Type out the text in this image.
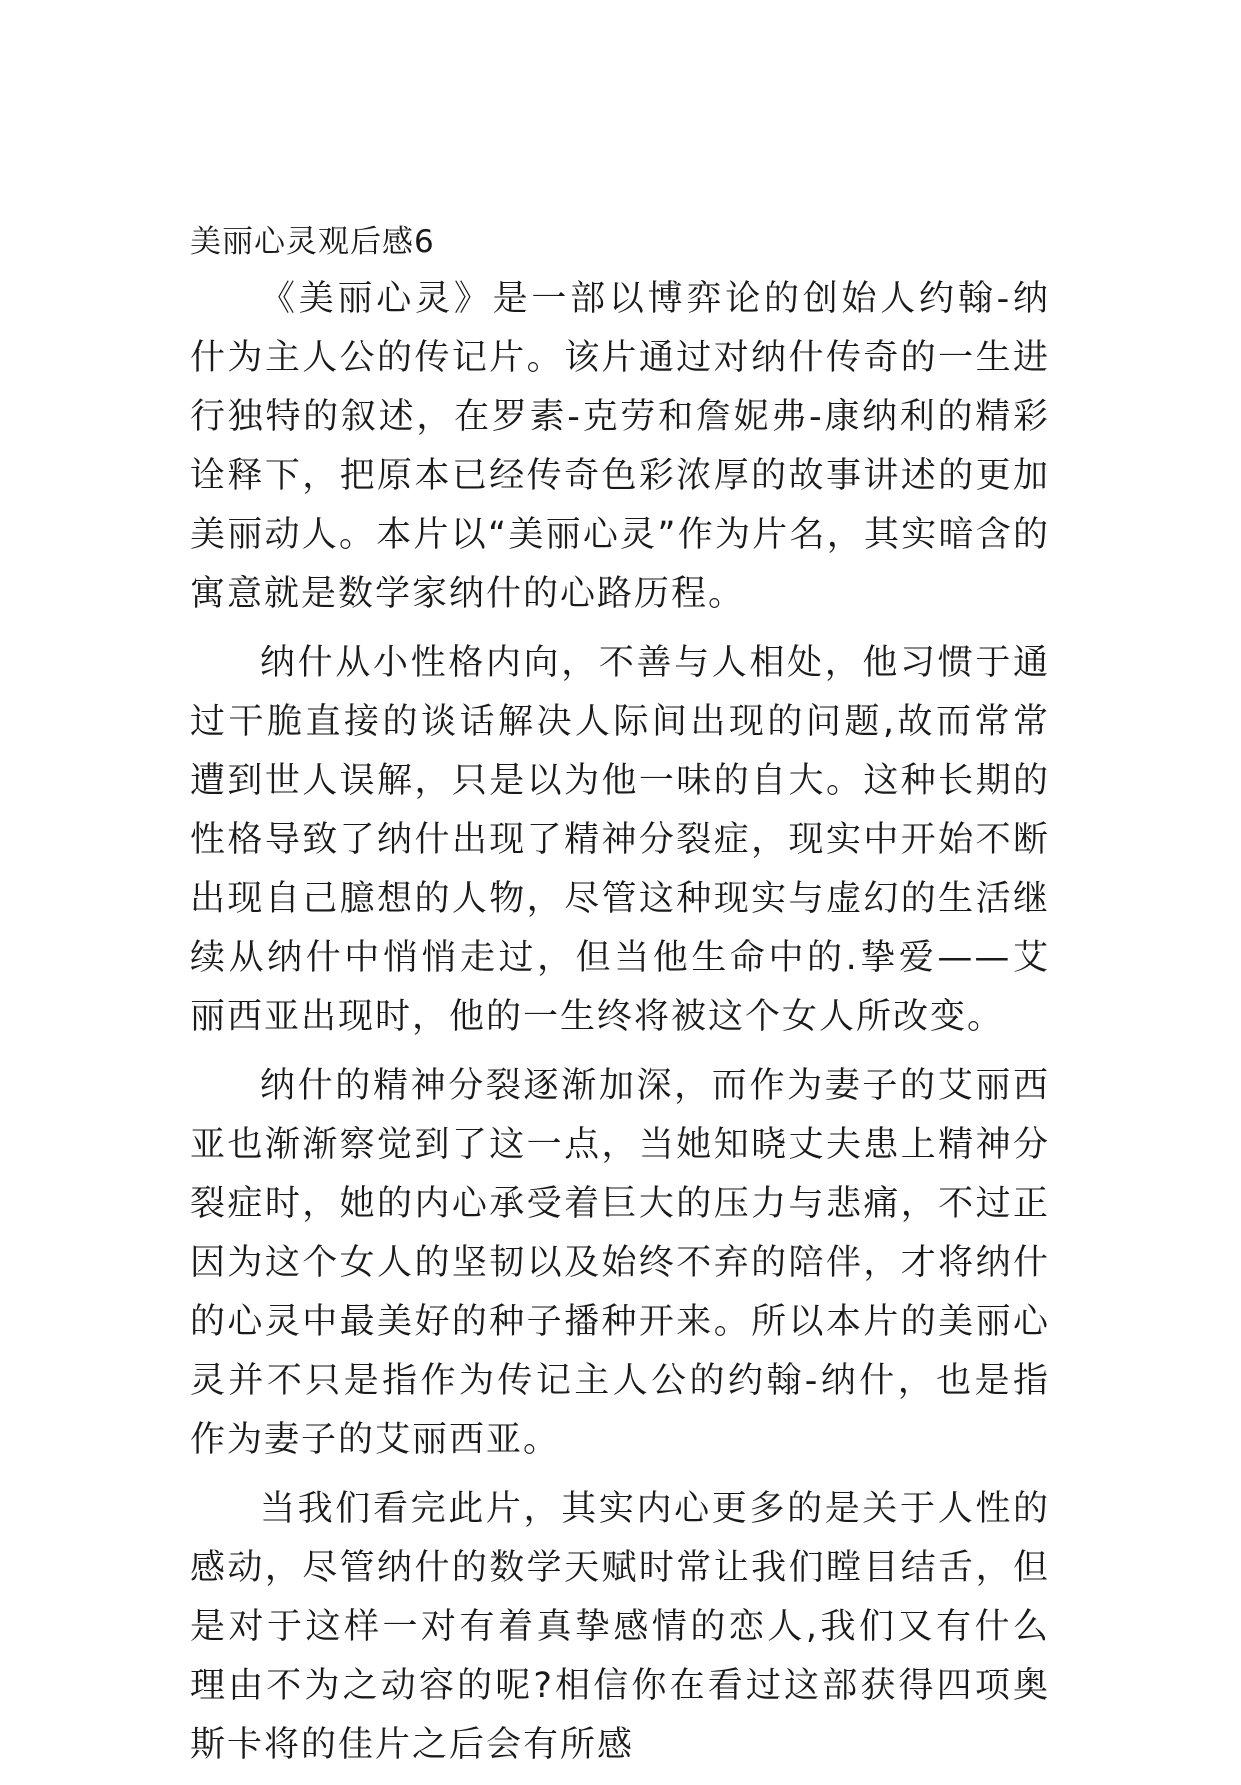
美丽心灵观后感6

《美丽心灵》是一部以博弈论的创始人约翰-纳什为主人公的传记片。该片通过对纳什传奇的一生进行独特的叙述，在罗素-克劳和詹妮弗-康纳利的精彩诠释下，把原本已经传奇色彩浓厚的故事讲述的更加美丽动人。本片以“美丽心灵”作为片名，其实暗含的寓意就是数学家纳什的心路历程。

纳什从小性格内向，不善与人相处，他习惯于通过干脆直接的谈话解决人际间出现的问题,故而常常遭到世人误解，只是以为他一味的自大。这种长期的性格导致了纳什出现了精神分裂症，现实中开始不断出现自己臆想的人物，尽管这种现实与虚幻的生活继续从纳什中悄悄走过，但当他生命中的.挚爱——艾丽西亚出现时，他的一生终将被这个女人所改变。

纳什的精神分裂逐渐加深，而作为妻子的艾丽西亚也渐渐察觉到了这一点，当她知晓丈夫患上精神分裂症时，她的内心承受着巨大的压力与悲痛，不过正因为这个女人的坚韧以及始终不弃的陪伴，才将纳什的心灵中最美好的种子播种开来。所以本片的美丽心灵并不只是指作为传记主人公的约翰-纳什，也是指作为妻子的艾丽西亚。

当我们看完此片，其实内心更多的是关于人性的感动，尽管纳什的数学天赋时常让我们瞠目结舌，但是对于这样一对有着真挚感情的恋人,我们又有什么理由不为之动容的呢?相信你在看过这部获得四项奥斯卡将的佳片之后会有所感
